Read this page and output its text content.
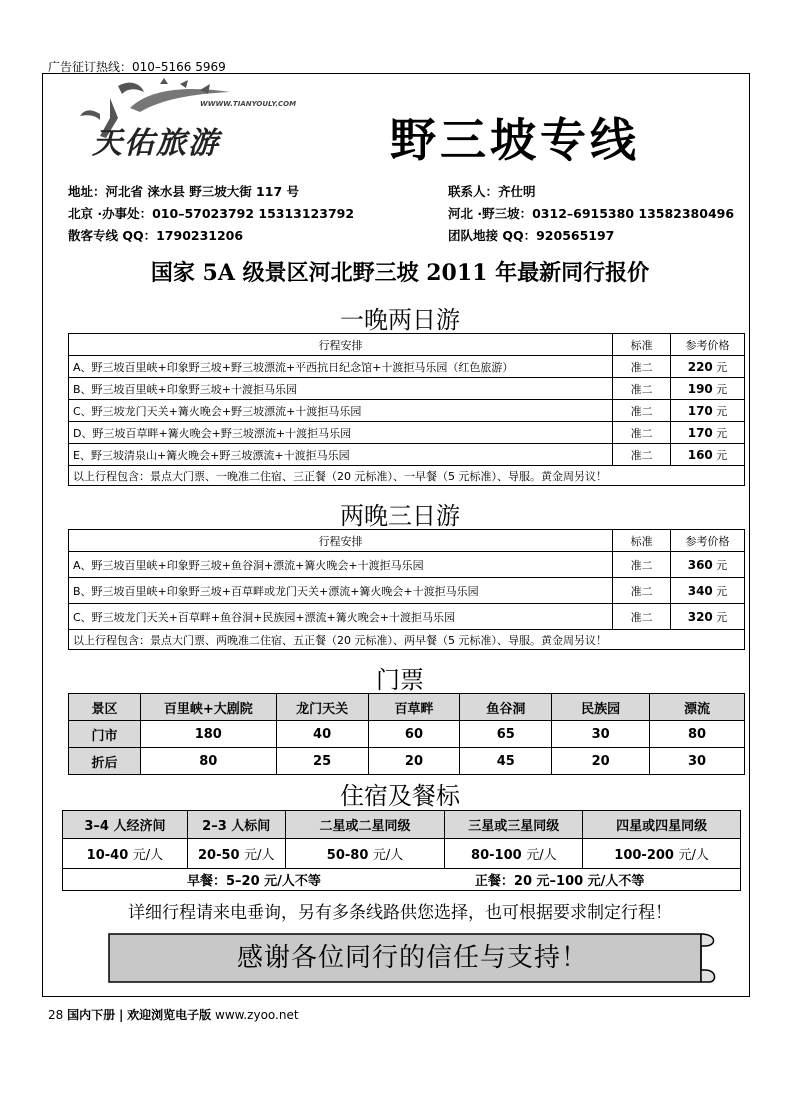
广告征订热线：010–5166 5969
WWWW.TIANYOULY.COM
天佑旅游	野三坡专线
地址：河北省 涞水县 野三坡大街 117 号
北京 ·办事处：010–57023792 15313123792
散客专线 QQ：1790231206
联系人：齐仕明
河北 ·野三坡：0312–6915380 13582380496
团队地接 QQ：920565197
国家 5A 级景区河北野三坡 2011 年最新同行报价
一晚两日游
行程安排	标准	参考价格
A、野三坡百里峡+印象野三坡+野三坡漂流+平西抗日纪念馆+十渡拒马乐园（红色旅游）	准二	220 元
B、野三坡百里峡+印象野三坡+十渡拒马乐园	准二	190 元
C、野三坡龙门天关+篝火晚会+野三坡漂流+十渡拒马乐园	准二	170 元
D、野三坡百草畔+篝火晚会+野三坡漂流+十渡拒马乐园	准二	170 元
E、野三坡清泉山+篝火晚会+野三坡漂流+十渡拒马乐园	准二	160 元
以上行程包含：景点大门票、一晚准二住宿、三正餐（20 元标准）、一早餐（5 元标准）、导服。黄金周另议！		
两晚三日游
行程安排	标准	参考价格
A、野三坡百里峡+印象野三坡+鱼谷洞+漂流+篝火晚会+十渡拒马乐园	准二	360 元
B、野三坡百里峡+印象野三坡+百草畔或龙门天关+漂流+篝火晚会+十渡拒马乐园	准二	340 元
C、野三坡龙门天关+百草畔+鱼谷洞+民族园+漂流+篝火晚会+十渡拒马乐园	准二	320 元
以上行程包含：景点大门票、两晚准二住宿、五正餐（20 元标准）、两早餐（5 元标准）、导服。黄金周另议！		
门票
景区	百里峡+大剧院	龙门天关	百草畔	鱼谷洞	民族园	漂流
门市	180	40	60	65	30	80
折后	80	25	20	45	20	30
住宿及餐标
3–4 人经济间	2–3 人标间	二星或二星同级	三星或三星同级	四星或四星同级
10-40 元/人	20-50 元/人	50-80 元/人	80-100 元/人	100-200 元/人
早餐：5–20 元/人不等			正餐：20 元–100 元/人不等	
详细行程请来电垂询，另有多条线路供您选择，也可根据要求制定行程！
感谢各位同行的信任与支持！
28 国内下册 | 欢迎浏览电子版 www.zyoo.net
